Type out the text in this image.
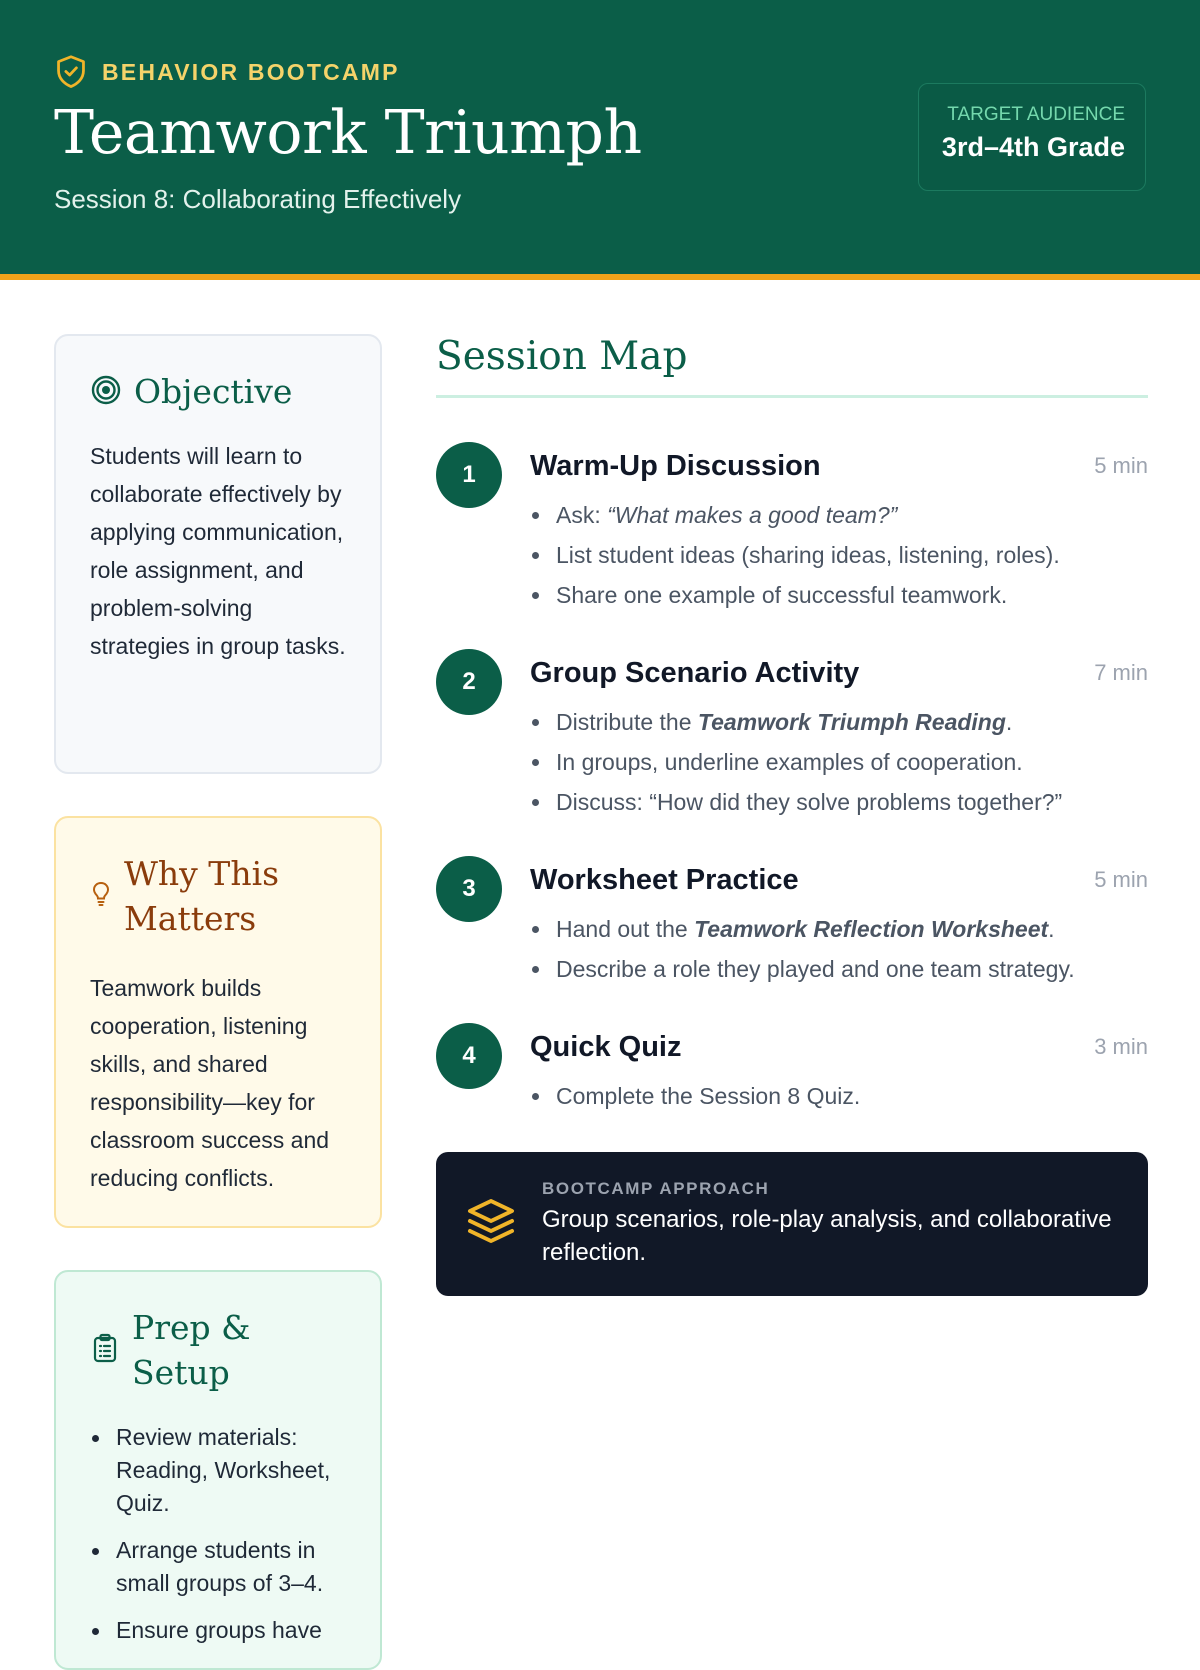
BEHAVIOR BOOTCAMP
Teamwork Triumph
Session 8: Collaborating Effectively
TARGET AUDIENCE
3rd–4th Grade
Objective

Students will learn to collaborate effectively by applying communication, role assignment, and problem-solving strategies in group tasks.

Why This Matters

Teamwork builds cooperation, listening skills, and shared responsibility—key for classroom success and reducing conflicts.

Prep & Setup
Review materials: Reading, Worksheet, Quiz.
Arrange students in small groups of 3–4.
Ensure groups have
Session Map
1	Warm-Up Discussion	5 min
Ask: “What makes a good team?”
List student ideas (sharing ideas, listening, roles).
Share one example of successful teamwork.
2	Group Scenario Activity	7 min
Distribute the Teamwork Triumph Reading.
In groups, underline examples of cooperation.
Discuss: “How did they solve problems together?”
3	Worksheet Practice	5 min
Hand out the Teamwork Reflection Worksheet.
Describe a role they played and one team strategy.
4	Quick Quiz	3 min
Complete the Session 8 Quiz.
BOOTCAMP APPROACH
Group scenarios, role-play analysis, and collaborative reflection.
